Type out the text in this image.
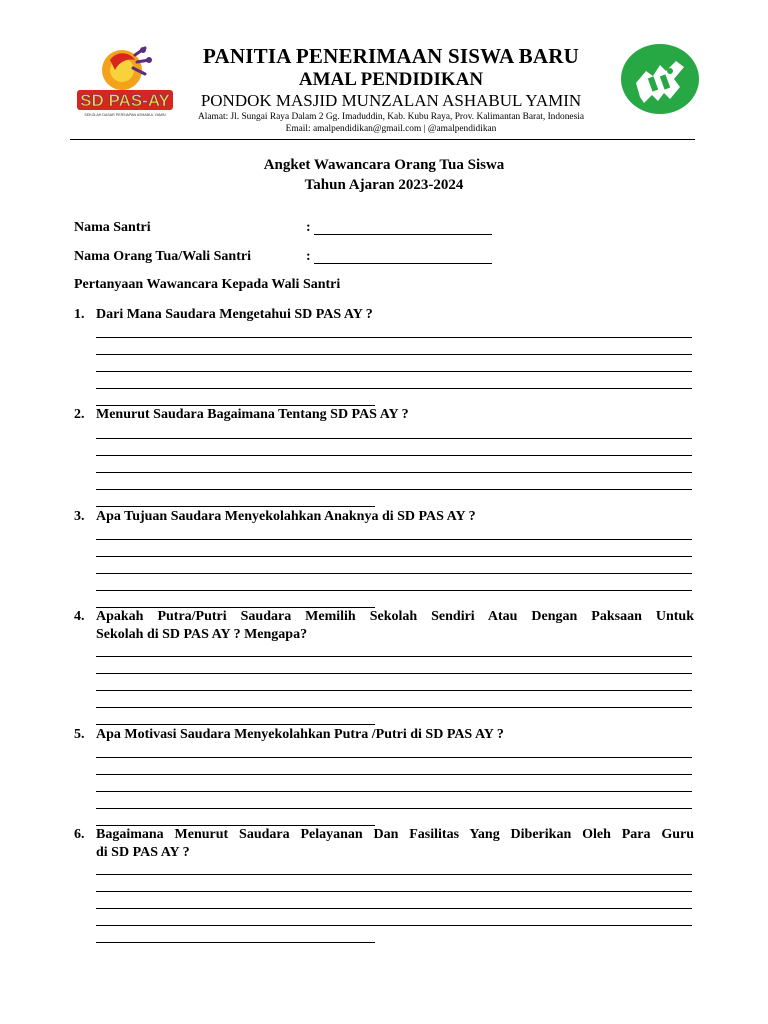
SD PAS-AY
SEKOLAH DASAR PERSIAPAN ASHABUL YAMIN
PANITIA PENERIMAAN SISWA BARU
AMAL PENDIDIKAN
PONDOK MASJID MUNZALAN ASHABUL YAMIN
Alamat: Jl. Sungai Raya Dalam 2 Gg. Imaduddin, Kab. Kubu Raya, Prov. Kalimantan Barat, Indonesia
Email: amalpendidikan@gmail.com | @amalpendidikan
Angket Wawancara Orang Tua Siswa
Tahun Ajaran 2023-2024
Nama Santri	:
Nama Orang Tua/Wali Santri	:
Pertanyaan Wawancara Kepada Wali Santri
1. Dari Mana Saudara Mengetahui SD PAS AY ?
2. Menurut Saudara Bagaimana Tentang SD PAS AY ?
3. Apa Tujuan Saudara Menyekolahkan Anaknya di SD PAS AY ?
4. Apakah Putra/Putri Saudara Memilih Sekolah Sendiri Atau Dengan Paksaan Untuk
Sekolah di SD PAS AY ? Mengapa?
5. Apa Motivasi Saudara Menyekolahkan Putra /Putri di SD PAS AY ?
6. Bagaimana Menurut Saudara Pelayanan Dan Fasilitas Yang Diberikan Oleh Para Guru
di SD PAS AY ?
